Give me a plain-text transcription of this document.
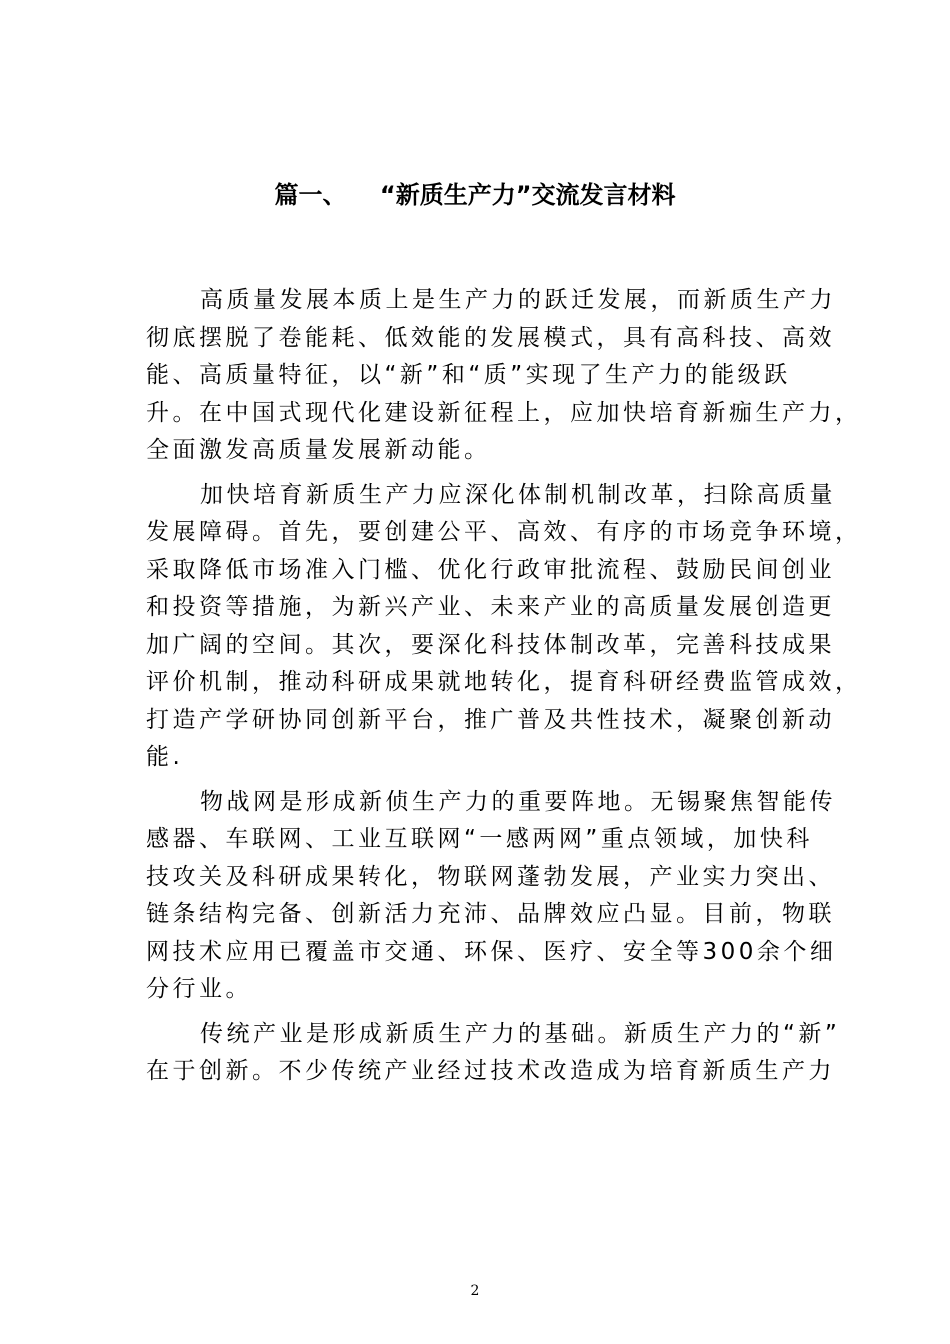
篇一、    “新质生产力”交流发言材料
高质量发展本质上是生产力的跃迁发展，而新质生产力
彻底摆脱了卷能耗、低效能的发展模式，具有高科技、高效
能、高质量特征，以“新”和“质”实现了生产力的能级跃
升。在中国式现代化建设新征程上，应加快培育新痂生产力，
全面激发高质量发展新动能。
加快培育新质生产力应深化体制机制改革，扫除高质量
发展障碍。首先，要创建公平、高效、有序的市场竞争环境，
采取降低市场准入门槛、优化行政审批流程、鼓励民间创业
和投资等措施，为新兴产业、未来产业的高质量发展创造更
加广阔的空间。其次，要深化科技体制改革，完善科技成果
评价机制，推动科研成果就地转化，提育科研经费监管成效，
打造产学研协同创新平台，推广普及共性技术，凝聚创新动
能.
物战网是形成新侦生产力的重要阵地。无锡聚焦智能传
感器、车联网、工业互联网“一感两网”重点领域，加快科
技攻关及科研成果转化，物联网蓬勃发展，产业实力突出、
链条结构完备、创新活力充沛、品牌效应凸显。目前，物联
网技术应用已覆盖市交通、环保、医疗、安全等300余个细
分行业。
传统产业是形成新质生产力的基础。新质生产力的“新”
在于创新。不少传统产业经过技术改造成为培育新质生产力
2
